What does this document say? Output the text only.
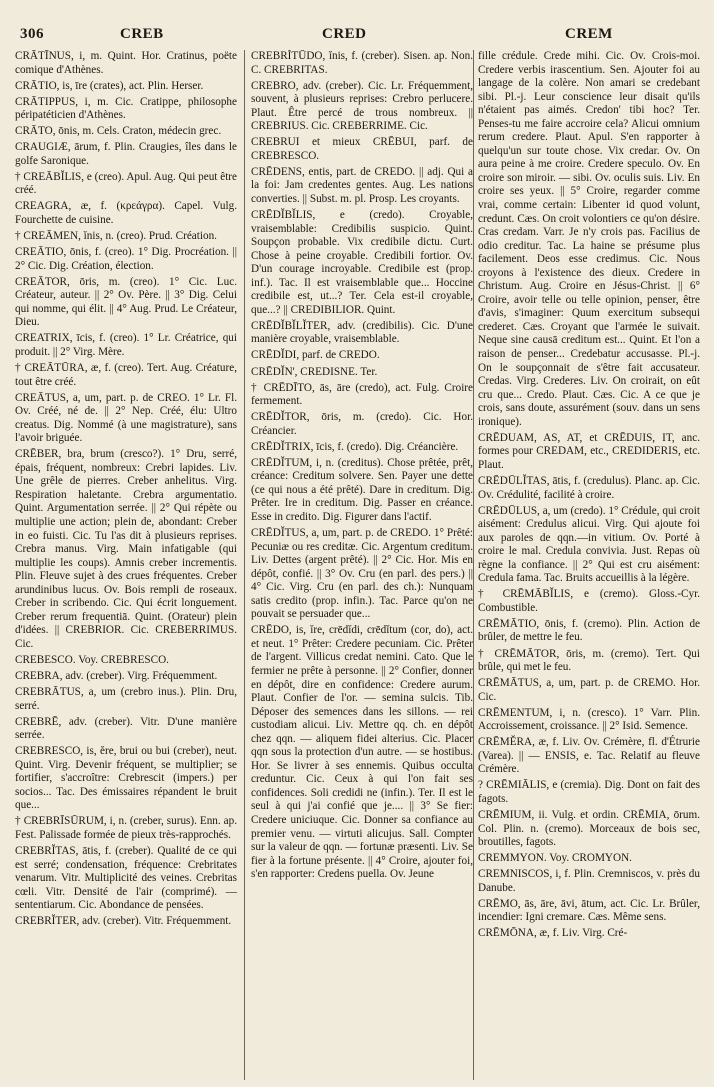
306	CREB	CRED	CREM

CRĀTĪNUS, i, m. Quint. Hor. Cratinus, poëte comique d'Athènes.

CRĀTIO, is, īre (crates), act. Plin. Herser.

CRĀTIPPUS, i, m. Cic. Cratippe, philosophe péripatéticien d'Athènes.

CRĀTO, ōnis, m. Cels. Craton, médecin grec.

CRAUGIÆ, ārum, f. Plin. Craugies, îles dans le golfe Saronique.

† CREĀBĬLIS, e (creo). Apul. Aug. Qui peut être créé.

CREAGRA, æ, f. (κρεάγρα). Capel. Vulg. Fourchette de cuisine.

† CREĀMEN, ĭnis, n. (creo). Prud. Création.

CREĀTIO, ōnis, f. (creo). 1° Dig. Procréation. || 2° Cic. Dig. Création, élection.

CREĀTOR, ōris, m. (creo). 1° Cic. Luc. Créateur, auteur. || 2° Ov. Père. || 3° Dig. Celui qui nomme, qui élit. || 4° Aug. Prud. Le Créateur, Dieu.

CREATRIX, īcis, f. (creo). 1° Lr. Créatrice, qui produit. || 2° Virg. Mère.

† CREĀTŪRA, æ, f. (creo). Tert. Aug. Créature, tout être créé.

CREĀTUS, a, um, part. p. de CREO. 1° Lr. Fl. Ov. Créé, né de. || 2° Nep. Créé, élu: Ultro creatus. Dig. Nommé (à une magistrature), sans l'avoir briguée.

CRĒBER, bra, brum (cresco?). 1° Dru, serré, épais, fréquent, nombreux: Crebri lapides. Liv. Une grêle de pierres. Creber anhelitus. Virg. Respiration haletante. Crebra argumentatio. Quint. Argumentation serrée. || 2° Qui répète ou multiplie une action; plein de, abondant: Creber in eo fuisti. Cic. Tu l'as dit à plusieurs reprises. Crebra manus. Virg. Main infatigable (qui multiplie les coups). Amnis creber incrementis. Plin. Fleuve sujet à des crues fréquentes. Creber arundinibus lucus. Ov. Bois rempli de roseaux. Creber in scribendo. Cic. Qui écrit longuement. Creber rerum frequentiā. Quint. (Orateur) plein d'idées. || CREBRIOR. Cic. CREBERRIMUS. Cic.

CREBESCO. Voy. CREBRESCO.

CREBRA, adv. (creber). Virg. Fréquemment.

CREBRĀTUS, a, um (crebro inus.). Plin. Dru, serré.

CREBRĒ, adv. (creber). Vitr. D'une manière serrée.

CREBRESCO, is, ĕre, brui ou bui (creber), neut. Quint. Virg. Devenir fréquent, se multiplier; se fortifier, s'accroître: Crebrescit (impers.) per socios... Tac. Des émissaires répandent le bruit que...

† CREBRĪSŪRUM, i, n. (creber, surus). Enn. ap. Fest. Palissade formée de pieux très-rapprochés.

CREBRĬTAS, ātis, f. (creber). Qualité de ce qui est serré; condensation, fréquence: Crebritates venarum. Vitr. Multiplicité des veines. Crebritas cœli. Vitr. Densité de l'air (comprimé). — sententiarum. Cic. Abondance de pensées.

CREBRĬTER, adv. (creber). Vitr. Fréquemment.

CREBRĬTŪDO, ĭnis, f. (creber). Sisen. ap. Non. C. CREBRITAS.

CREBRO, adv. (creber). Cic. Lr. Fréquemment, souvent, à plusieurs reprises: Crebro perlucere. Plaut. Être percé de trous nombreux. || CREBRIUS. Cic. CREBERRIME. Cic.

CREBRUI et mieux CRĒBUI, parf. de CREBRESCO.

CRĒDENS, entis, part. de CREDO. || adj. Qui a la foi: Jam credentes gentes. Aug. Les nations converties. || Subst. m. pl. Prosp. Les croyants.

CRĒDĬBĬLIS, e (credo). Croyable, vraisemblable: Credibilis suspicio. Quint. Soupçon probable. Vix credibile dictu. Curt. Chose à peine croyable. Credibili fortior. Ov. D'un courage incroyable. Credibile est (prop. inf.). Tac. Il est vraisemblable que... Hoccine credibile est, ut...? Ter. Cela est-il croyable, que...? || CREDIBILIOR. Quint.

CRĒDĬBĬLĬTER, adv. (credibilis). Cic. D'une manière croyable, vraisemblable.

CRĒDĬDI, parf. de CREDO.

CRĒDĬN', CREDISNE. Ter.

† CRĒDĪTO, ās, āre (credo), act. Fulg. Croire fermement.

CRĒDĬTOR, ōris, m. (credo). Cic. Hor. Créancier.

CRĒDĬTRIX, īcis, f. (credo). Dig. Créancière.

CRĒDĬTUM, i, n. (creditus). Chose prêtée, prêt, créance: Creditum solvere. Sen. Payer une dette (ce qui nous a été prêté). Dare in creditum. Dig. Prêter. Ire in creditum. Dig. Passer en créance. Esse in credito. Dig. Figurer dans l'actif.

CRĒDĬTUS, a, um, part. p. de CREDO. 1° Prêté: Pecuniæ ou res creditæ. Cic. Argentum creditum. Liv. Dettes (argent prêté). || 2° Cic. Hor. Mis en dépôt, confié. || 3° Ov. Cru (en parl. des pers.) || 4° Cic. Virg. Cru (en parl. des ch.): Nunquam satis credito (prop. infin.). Tac. Parce qu'on ne pouvait se persuader que...

CRĒDO, is, ĭre, crēdĭdi, crēdĭtum (cor, do), act. et neut. 1° Prêter: Credere pecuniam. Cic. Prêter de l'argent. Villicus credat nemini. Cato. Que le fermier ne prête à personne. || 2° Confier, donner en dépôt, dire en confidence: Credere aurum. Plaut. Confier de l'or. — semina sulcis. Tib. Déposer des semences dans les sillons. — rei custodiam alicui. Liv. Mettre qq. ch. en dépôt chez qqn. — aliquem fidei alterius. Cic. Placer qqn sous la protection d'un autre. — se hostibus. Hor. Se livrer à ses ennemis. Quibus occulta creduntur. Cic. Ceux à qui l'on fait ses confidences. Soli credidi ne (infin.). Ter. Il est le seul à qui j'ai confié que je.... || 3° Se fier: Credere uniciuque. Cic. Donner sa confiance au premier venu. — virtuti alicujus. Sall. Compter sur la valeur de qqn. — fortunæ præsenti. Liv. Se fier à la fortune présente. || 4° Croire, ajouter foi, s'en rapporter: Credens puella. Ov. Jeune

fille crédule. Crede mihi. Cic. Ov. Crois-moi. Credere verbis irascentium. Sen. Ajouter foi au langage de la colère. Non amari se credebant sibi. Pl.-j. Leur conscience leur disait qu'ils n'étaient pas aimés. Credon' tibi hoc? Ter. Penses-tu me faire accroire cela? Alicui omnium rerum credere. Plaut. Apul. S'en rapporter à quelqu'un sur toute chose. Vix credar. Ov. On aura peine à me croire. Credere speculo. Ov. En croire son miroir. — sibi. Ov. oculis suis. Liv. En croire ses yeux. || 5° Croire, regarder comme vrai, comme certain: Libenter id quod volunt, credunt. Cæs. On croit volontiers ce qu'on désire. Cras credam. Varr. Je n'y crois pas. Facilius de odio creditur. Tac. La haine se présume plus facilement. Deos esse credimus. Cic. Nous croyons à l'existence des dieux. Credere in Christum. Aug. Croire en Jésus-Christ. || 6° Croire, avoir telle ou telle opinion, penser, être d'avis, s'imaginer: Quum exercitum subsequi crederet. Cæs. Croyant que l'armée le suivait. Neque sine causā creditum est... Quint. Et l'on a raison de penser... Credebatur accusasse. Pl.-j. On le soupçonnait de s'être fait accusateur. Credas. Virg. Crederes. Liv. On croirait, on eût cru que... Credo. Plaut. Cæs. Cic. A ce que je crois, sans doute, assurément (souv. dans un sens ironique).

CRĒDUAM, AS, AT, et CRĒDUIS, IT, anc. formes pour CREDAM, etc., CREDIDERIS, etc. Plaut.

CRĒDŪLĬTAS, ātis, f. (credulus). Planc. ap. Cic. Ov. Crédulité, facilité à croire.

CRĒDŪLUS, a, um (credo). 1° Crédule, qui croit aisément: Credulus alicui. Virg. Qui ajoute foi aux paroles de qqn.—in vitium. Ov. Porté à croire le mal. Credula convivia. Just. Repas où règne la confiance. || 2° Qui est cru aisément: Credula fama. Tac. Bruits accueillis à la légère.

† CRĒMĀBĬLIS, e (cremo). Gloss.-Cyr. Combustible.

CRĒMĀTIO, ōnis, f. (cremo). Plin. Action de brûler, de mettre le feu.

† CRĒMĀTOR, ōris, m. (cremo). Tert. Qui brûle, qui met le feu.

CRĒMĀTUS, a, um, part. p. de CREMO. Hor. Cic.

CRĒMENTUM, i, n. (cresco). 1° Varr. Plin. Accroissement, croissance. || 2° Isid. Semence.

CRĒMĔRA, æ, f. Liv. Ov. Crémère, fl. d'Étrurie (Varea). || — ENSIS, e. Tac. Relatif au fleuve Crémère.

? CRĒMIĀLIS, e (cremia). Dig. Dont on fait des fagots.

CRĒMIUM, ii. Vulg. et ordin. CRĒMIA, ōrum. Col. Plin. n. (cremo). Morceaux de bois sec, broutilles, fagots.

CREMMYON. Voy. CROMYON.

CREMNISCOS, i, f. Plin. Cremniscos, v. près du Danube.

CRĒMO, ās, āre, āvi, ātum, act. Cic. Lr. Brûler, incendier: Igni cremare. Cæs. Même sens.

CRĒMŌNA, æ, f. Liv. Virg. Cré-
